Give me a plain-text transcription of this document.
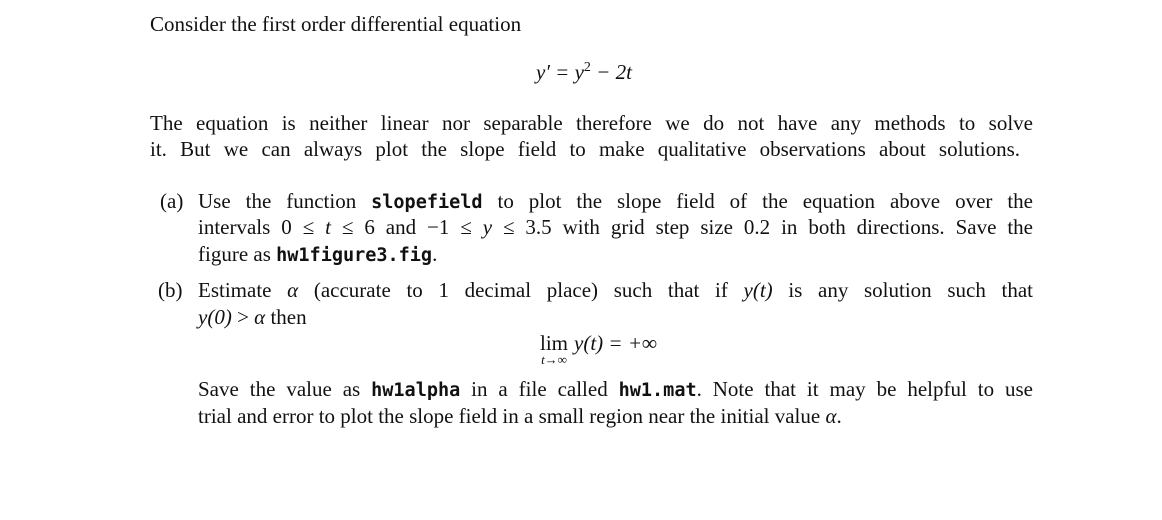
Consider the first order differential equation
$y' = y^2 - 2t$
The equation is neither linear nor separable therefore we do not have any methods to solve
it. But we can always plot the slope field to make qualitative observations about solutions.
(a) Use the function slopefield to plot the slope field of the equation above over the
intervals 0 ≤ t ≤ 6 and −1 ≤ y ≤ 3.5 with grid step size 0.2 in both directions. Save the
figure as hw1figure3.fig.
(b) Estimate α (accurate to 1 decimal place) such that if y(t) is any solution such that
y(0) > α then
lim
t→∞
y(t) = +∞
Save the value as hw1alpha in a file called hw1.mat. Note that it may be helpful to use
trial and error to plot the slope field in a small region near the initial value α.
